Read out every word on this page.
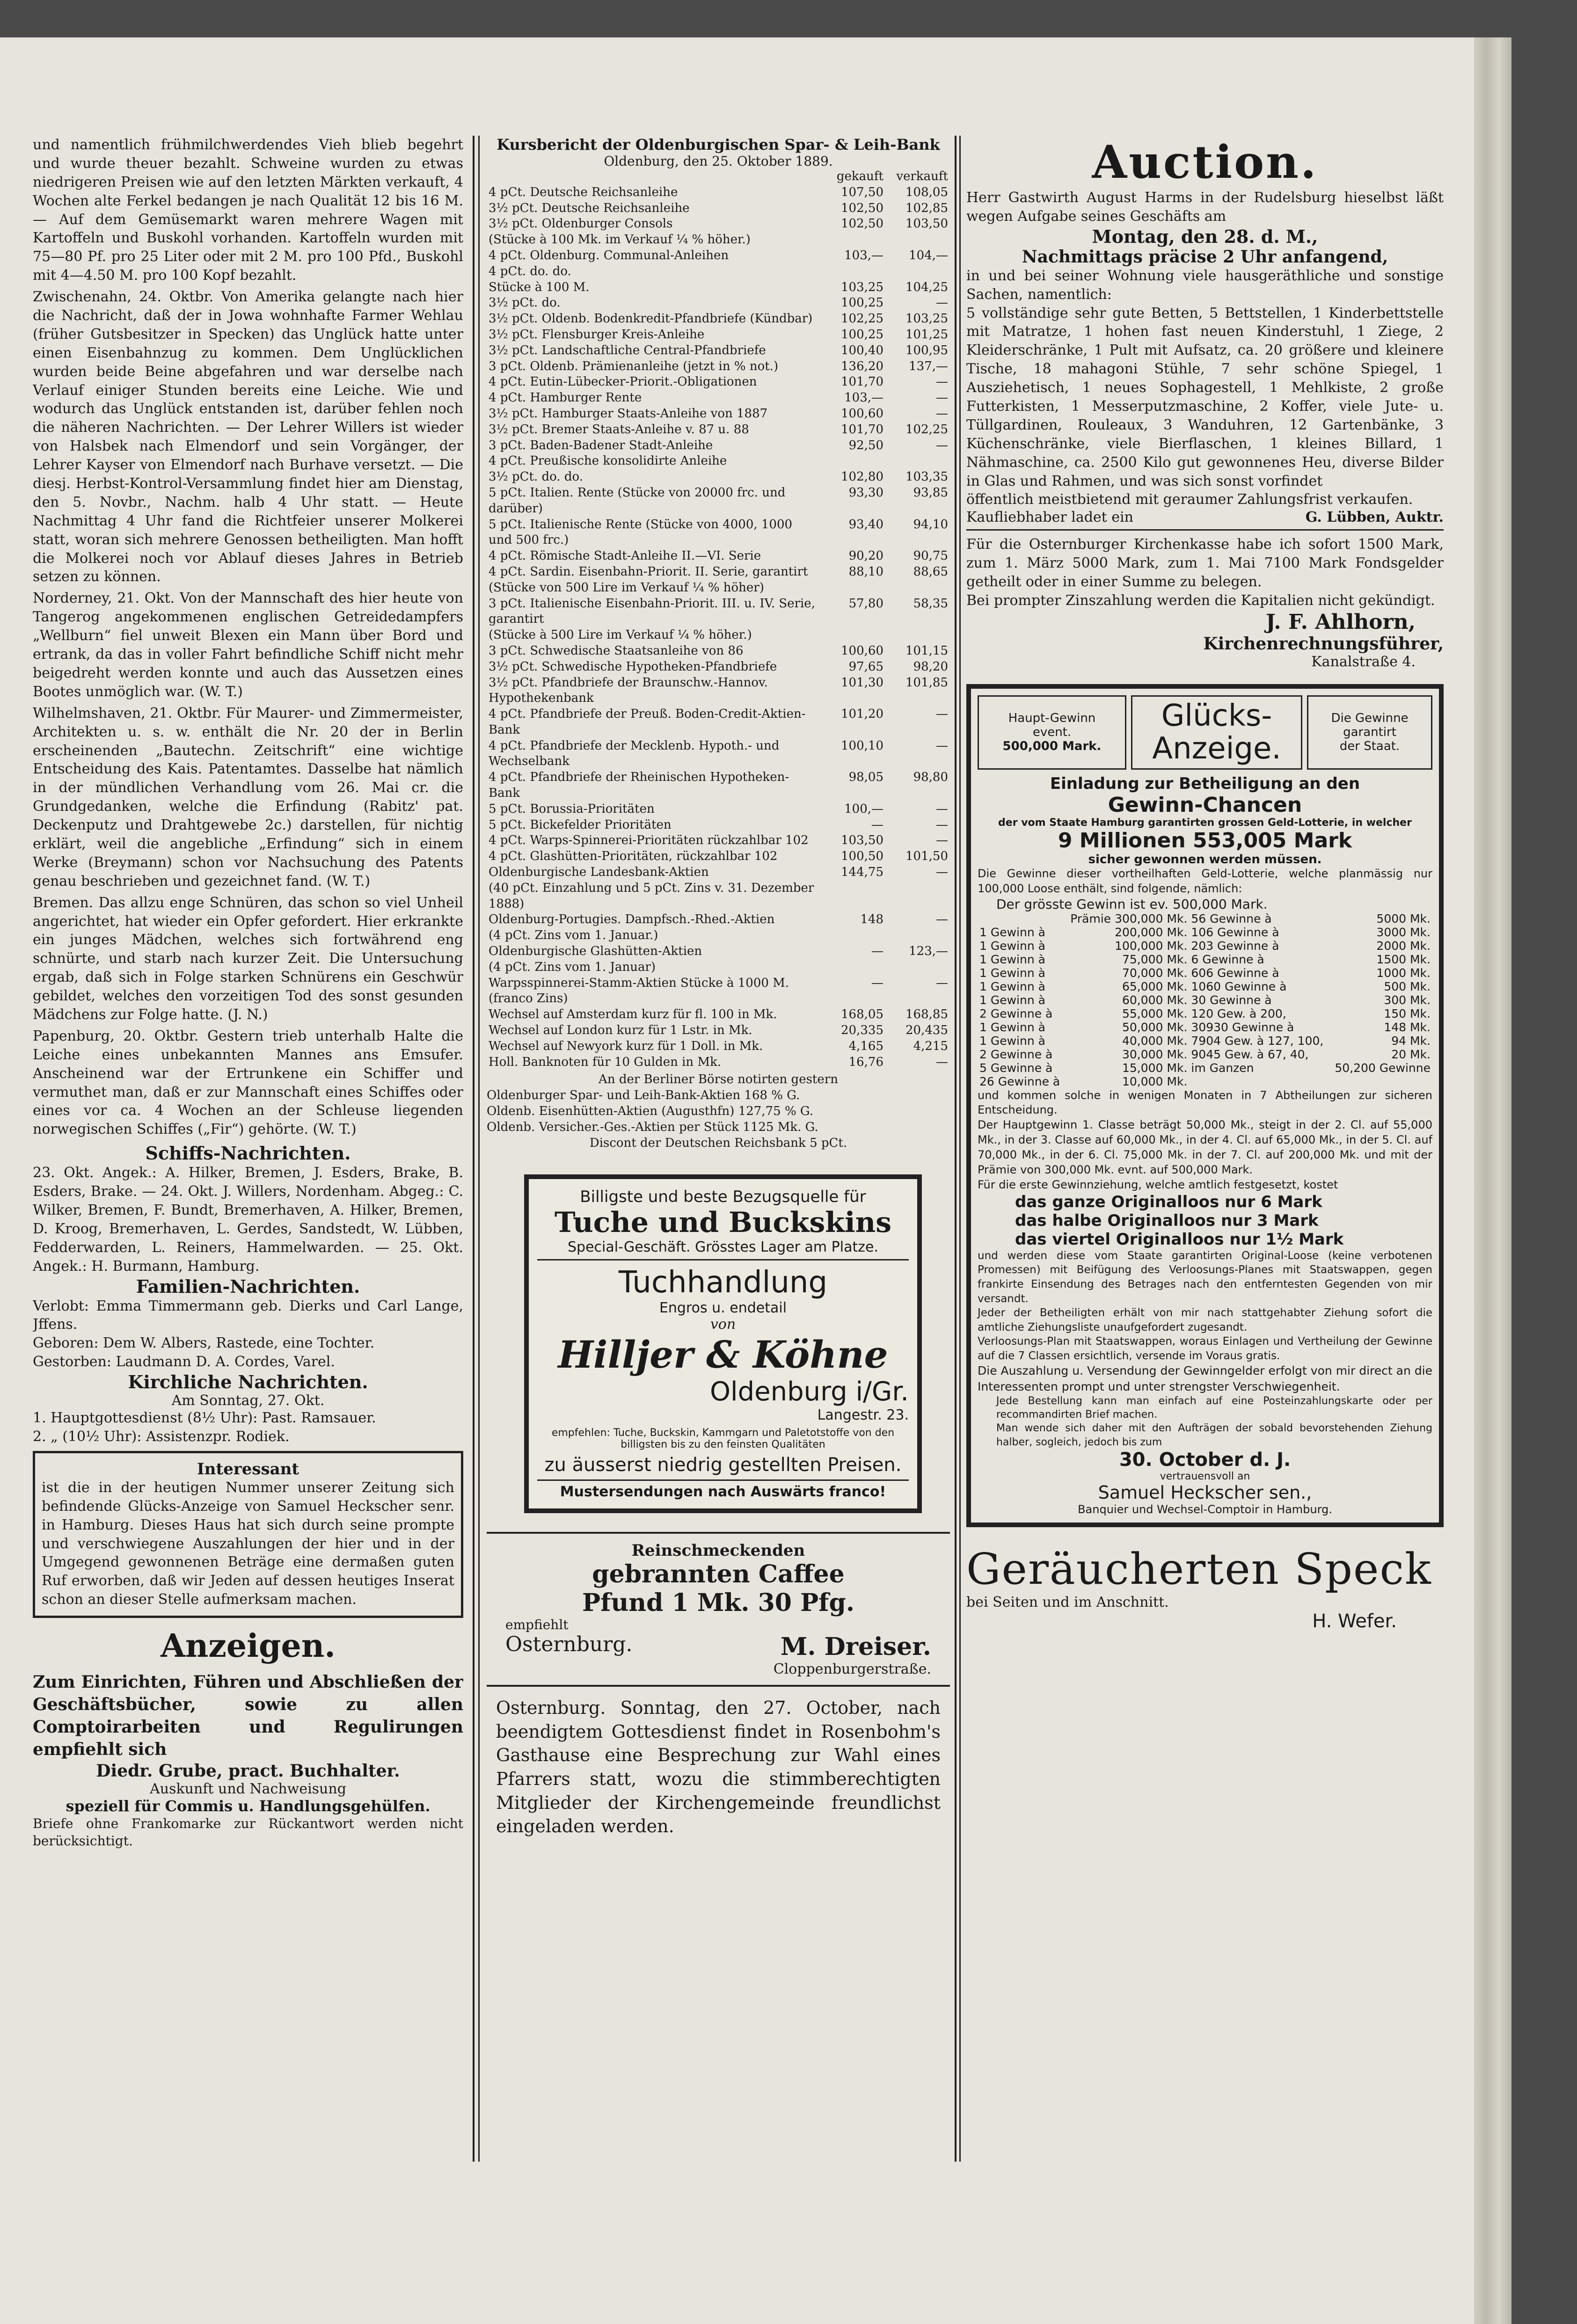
und namentlich frühmilchwerdendes Vieh blieb begehrt und wurde theuer bezahlt. Schweine wurden zu etwas niedrigeren Preisen wie auf den letzten Märkten verkauft, 4 Wochen alte Ferkel bedangen je nach Qualität 12 bis 16 M. — Auf dem Gemüsemarkt waren mehrere Wagen mit Kartoffeln und Buskohl vorhanden. Kartoffeln wurden mit 75—80 Pf. pro 25 Liter oder mit 2 M. pro 100 Pfd., Buskohl mit 4—4.50 M. pro 100 Kopf bezahlt.

Zwischenahn, 24. Oktbr. Von Amerika gelangte nach hier die Nachricht, daß der in Jowa wohnhafte Farmer Wehlau (früher Gutsbesitzer in Specken) das Unglück hatte unter einen Eisenbahnzug zu kommen. Dem Unglücklichen wurden beide Beine abgefahren und war derselbe nach Verlauf einiger Stunden bereits eine Leiche. Wie und wodurch das Unglück entstanden ist, darüber fehlen noch die näheren Nachrichten. — Der Lehrer Willers ist wieder von Halsbek nach Elmendorf und sein Vorgänger, der Lehrer Kayser von Elmendorf nach Burhave versetzt. — Die diesj. Herbst-Kontrol-Versammlung findet hier am Dienstag, den 5. Novbr., Nachm. halb 4 Uhr statt. — Heute Nachmittag 4 Uhr fand die Richtfeier unserer Molkerei statt, woran sich mehrere Genossen betheiligten. Man hofft die Molkerei noch vor Ablauf dieses Jahres in Betrieb setzen zu können.

Norderney, 21. Okt. Von der Mannschaft des hier heute von Tangerog angekommenen englischen Getreidedampfers „Wellburn“ fiel unweit Blexen ein Mann über Bord und ertrank, da das in voller Fahrt befindliche Schiff nicht mehr beigedreht werden konnte und auch das Aussetzen eines Bootes unmöglich war. (W. T.)

Wilhelmshaven, 21. Oktbr. Für Maurer- und Zimmermeister, Architekten u. s. w. enthält die Nr. 20 der in Berlin erscheinenden „Bautechn. Zeitschrift“ eine wichtige Entscheidung des Kais. Patentamtes. Dasselbe hat nämlich in der mündlichen Verhandlung vom 26. Mai cr. die Grundgedanken, welche die Erfindung (Rabitz' pat. Deckenputz und Drahtgewebe 2c.) darstellen, für nichtig erklärt, weil die angebliche „Erfindung“ sich in einem Werke (Breymann) schon vor Nachsuchung des Patents genau beschrieben und gezeichnet fand. (W. T.)

Bremen. Das allzu enge Schnüren, das schon so viel Unheil angerichtet, hat wieder ein Opfer gefordert. Hier erkrankte ein junges Mädchen, welches sich fortwährend eng schnürte, und starb nach kurzer Zeit. Die Untersuchung ergab, daß sich in Folge starken Schnürens ein Geschwür gebildet, welches den vorzeitigen Tod des sonst gesunden Mädchens zur Folge hatte. (J. N.)

Papenburg, 20. Oktbr. Gestern trieb unterhalb Halte die Leiche eines unbekannten Mannes ans Emsufer. Anscheinend war der Ertrunkene ein Schiffer und vermuthet man, daß er zur Mannschaft eines Schiffes oder eines vor ca. 4 Wochen an der Schleuse liegenden norwegischen Schiffes („Fir“) gehörte. (W. T.)

Schiffs-Nachrichten.

23. Okt. Angek.: A. Hilker, Bremen, J. Esders, Brake, B. Esders, Brake. — 24. Okt. J. Willers, Nordenham. Abgeg.: C. Wilker, Bremen, F. Bundt, Bremerhaven, A. Hilker, Bremen, D. Kroog, Bremerhaven, L. Gerdes, Sandstedt, W. Lübben, Fedderwarden, L. Reiners, Hammelwarden. — 25. Okt. Angek.: H. Burmann, Hamburg.

Familien-Nachrichten.

Verlobt: Emma Timmermann geb. Dierks und Carl Lange, Jffens.

Geboren: Dem W. Albers, Rastede, eine Tochter.

Gestorben: Laudmann D. A. Cordes, Varel.

Kirchliche Nachrichten.
Am Sonntag, 27. Okt.

1. Hauptgottesdienst (8½ Uhr): Past. Ramsauer.

2. „ (10½ Uhr): Assistenzpr. Rodiek.

Interessant

ist die in der heutigen Nummer unserer Zeitung sich befindende Glücks-Anzeige von Samuel Heckscher senr. in Hamburg. Dieses Haus hat sich durch seine prompte und verschwiegene Auszahlungen der hier und in der Umgegend gewonnenen Beträge eine dermaßen guten Ruf erworben, daß wir Jeden auf dessen heutiges Inserat schon an dieser Stelle aufmerksam machen.

Anzeigen.

Zum Einrichten, Führen und Abschließen der Geschäftsbücher, sowie zu allen Comptoirarbeiten und Regulirungen empfiehlt sich

Diedr. Grube, pract. Buchhalter.
Auskunft und Nachweisung
speziell für Commis u. Handlungsgehülfen.

Briefe ohne Frankomarke zur Rückantwort werden nicht berücksichtigt.

Kursbericht der Oldenburgischen Spar- & Leih-Bank
Oldenburg, den 25. Oktober 1889.
	gekauft	verkauft
4 pCt. Deutsche Reichsanleihe	107,50	108,05
3½ pCt. Deutsche Reichsanleihe	102,50	102,85
3½ pCt. Oldenburger Consols	102,50	103,50
(Stücke à 100 Mk. im Verkauf ¼ % höher.)		
4 pCt. Oldenburg. Communal-Anleihen	103,—	104,—
4 pCt. do. do.		
Stücke à 100 M.	103,25	104,25
3½ pCt. do.	100,25	—
3½ pCt. Oldenb. Bodenkredit-Pfandbriefe (Kündbar)	102,25	103,25
3½ pCt. Flensburger Kreis-Anleihe	100,25	101,25
3½ pCt. Landschaftliche Central-Pfandbriefe	100,40	100,95
3 pCt. Oldenb. Prämienanleihe (jetzt in % not.)	136,20	137,—
4 pCt. Eutin-Lübecker-Priorit.-Obligationen	101,70	—
4 pCt. Hamburger Rente	103,—	—
3½ pCt. Hamburger Staats-Anleihe von 1887	100,60	—
3½ pCt. Bremer Staats-Anleihe v. 87 u. 88	101,70	102,25
3 pCt. Baden-Badener Stadt-Anleihe	92,50	—
4 pCt. Preußische konsolidirte Anleihe		
3½ pCt. do. do.	102,80	103,35
5 pCt. Italien. Rente (Stücke von 20000 frc. und darüber)	93,30	93,85
5 pCt. Italienische Rente (Stücke von 4000, 1000 und 500 frc.)	93,40	94,10
4 pCt. Römische Stadt-Anleihe II.—VI. Serie	90,20	90,75
4 pCt. Sardin. Eisenbahn-Priorit. II. Serie, garantirt	88,10	88,65
(Stücke von 500 Lire im Verkauf ¼ % höher)		
3 pCt. Italienische Eisenbahn-Priorit. III. u. IV. Serie, garantirt	57,80	58,35
(Stücke à 500 Lire im Verkauf ¼ % höher.)		
3 pCt. Schwedische Staatsanleihe von 86	100,60	101,15
3½ pCt. Schwedische Hypotheken-Pfandbriefe	97,65	98,20
3½ pCt. Pfandbriefe der Braunschw.-Hannov. Hypothekenbank	101,30	101,85
4 pCt. Pfandbriefe der Preuß. Boden-Credit-Aktien-Bank	101,20	—
4 pCt. Pfandbriefe der Mecklenb. Hypoth.- und Wechselbank	100,10	—
4 pCt. Pfandbriefe der Rheinischen Hypotheken-Bank	98,05	98,80
5 pCt. Borussia-Prioritäten	100,—	—
5 pCt. Bickefelder Prioritäten	—	—
4 pCt. Warps-Spinnerei-Prioritäten rückzahlbar 102	103,50	—
4 pCt. Glashütten-Prioritäten, rückzahlbar 102	100,50	101,50
Oldenburgische Landesbank-Aktien	144,75	—
(40 pCt. Einzahlung und 5 pCt. Zins v. 31. Dezember 1888)		
Oldenburg-Portugies. Dampfsch.-Rhed.-Aktien	148	—
(4 pCt. Zins vom 1. Januar.)		
Oldenburgische Glashütten-Aktien	—	123,—
(4 pCt. Zins vom 1. Januar)		
Warpsspinnerei-Stamm-Aktien Stücke à 1000 M.	—	—
(franco Zins)		
Wechsel auf Amsterdam kurz für fl. 100 in Mk.	168,05	168,85
Wechsel auf London kurz für 1 Lstr. in Mk.	20,335	20,435
Wechsel auf Newyork kurz für 1 Doll. in Mk.	4,165	4,215
Holl. Banknoten für 10 Gulden in Mk.	16,76	—
An der Berliner Börse notirten gestern
Oldenburger Spar- und Leih-Bank-Aktien 168 % G.
Oldenb. Eisenhütten-Aktien (Augusthfn) 127,75 % G.
Oldenb. Versicher.-Ges.-Aktien per Stück 1125 Mk. G.
Discont der Deutschen Reichsbank 5 pCt.
Billigste und beste Bezugsquelle für
Tuche und Buckskins
Special-Geschäft. Grösstes Lager am Platze.
Tuchhandlung
Engros u. endetail
von
Hilljer & Köhne
Oldenburg i/Gr.
Langestr. 23.
empfehlen: Tuche, Buckskin, Kammgarn und Paletotstoffe von den billigsten bis zu den feinsten Qualitäten
zu äusserst niedrig gestellten Preisen.
Mustersendungen nach Auswärts franco!
Reinschmeckenden
gebrannten Caffee
Pfund 1 Mk. 30 Pfg.
empfiehlt
Osternburg.	M. Dreiser.
Cloppenburgerstraße.

Osternburg. Sonntag, den 27. October, nach beendigtem Gottesdienst findet in Rosenbohm's Gasthause eine Besprechung zur Wahl eines Pfarrers statt, wozu die stimmberechtigten Mitglieder der Kirchengemeinde freundlichst eingeladen werden.

Auction.

Herr Gastwirth August Harms in der Rudelsburg hieselbst läßt wegen Aufgabe seines Geschäfts am

Montag, den 28. d. M.,
Nachmittags präcise 2 Uhr anfangend,

in und bei seiner Wohnung viele hausgeräthliche und sonstige Sachen, namentlich:

5 vollständige sehr gute Betten, 5 Bettstellen, 1 Kinderbettstelle mit Matratze, 1 hohen fast neuen Kinderstuhl, 1 Ziege, 2 Kleiderschränke, 1 Pult mit Aufsatz, ca. 20 größere und kleinere Tische, 18 mahagoni Stühle, 7 sehr schöne Spiegel, 1 Ausziehetisch, 1 neues Sophagestell, 1 Mehlkiste, 2 große Futterkisten, 1 Messerputzmaschine, 2 Koffer, viele Jute- u. Tüllgardinen, Rouleaux, 3 Wanduhren, 12 Gartenbänke, 3 Küchenschränke, viele Bierflaschen, 1 kleines Billard, 1 Nähmaschine, ca. 2500 Kilo gut gewonnenes Heu, diverse Bilder in Glas und Rahmen, und was sich sonst vorfindet

öffentlich meistbietend mit geraumer Zahlungsfrist verkaufen.

Kaufliebhaber ladet ein	G. Lübben, Auktr.

Für die Osternburger Kirchenkasse habe ich sofort 1500 Mark, zum 1. März 5000 Mark, zum 1. Mai 7100 Mark Fondsgelder getheilt oder in einer Summe zu belegen.

Bei prompter Zinszahlung werden die Kapitalien nicht gekündigt.

J. F. Ahlhorn,
Kirchenrechnungsführer,
Kanalstraße 4.
Haupt-Gewinn
event.
500,000 Mark.
Glücks-Anzeige.
Die Gewinne
garantirt
der Staat.
Einladung zur Betheiligung an den
Gewinn-Chancen
der vom Staate Hamburg garantirten grossen Geld-Lotterie, in welcher
9 Millionen 553,005 Mark
sicher gewonnen werden müssen.

Die Gewinne dieser vortheilhaften Geld-Lotterie, welche planmässig nur 100,000 Loose enthält, sind folgende, nämlich:

Der grösste Gewinn ist ev. 500,000 Mark.
	Prämie 300,000 Mk.	56 Gewinne à	5000 Mk.
1 Gewinn à	200,000 Mk.	106 Gewinne à	3000 Mk.
1 Gewinn à	100,000 Mk.	203 Gewinne à	2000 Mk.
1 Gewinn à	75,000 Mk.	6 Gewinne à	1500 Mk.
1 Gewinn à	70,000 Mk.	606 Gewinne à	1000 Mk.
1 Gewinn à	65,000 Mk.	1060 Gewinne à	500 Mk.
1 Gewinn à	60,000 Mk.	30 Gewinne à	300 Mk.
2 Gewinne à	55,000 Mk.	120 Gew. à 200,	150 Mk.
1 Gewinn à	50,000 Mk.	30930 Gewinne à	148 Mk.
1 Gewinn à	40,000 Mk.	7904 Gew. à 127, 100,	94 Mk.
2 Gewinne à	30,000 Mk.	9045 Gew. à 67, 40,	20 Mk.
5 Gewinne à	15,000 Mk.	im Ganzen	50,200 Gewinne
26 Gewinne à	10,000 Mk.		

und kommen solche in wenigen Monaten in 7 Abtheilungen zur sicheren Entscheidung.

Der Hauptgewinn 1. Classe beträgt 50,000 Mk., steigt in der 2. Cl. auf 55,000 Mk., in der 3. Classe auf 60,000 Mk., in der 4. Cl. auf 65,000 Mk., in der 5. Cl. auf 70,000 Mk., in der 6. Cl. 75,000 Mk. in der 7. Cl. auf 200,000 Mk. und mit der Prämie von 300,000 Mk. evnt. auf 500,000 Mark.

Für die erste Gewinnziehung, welche amtlich festgesetzt, kostet

das ganze Originalloos nur 6 Mark
das halbe Originalloos nur 3 Mark
das viertel Originalloos nur 1½ Mark

und werden diese vom Staate garantirten Original-Loose (keine verbotenen Promessen) mit Beifügung des Verloosungs-Planes mit Staatswappen, gegen frankirte Einsendung des Betrages nach den entferntesten Gegenden von mir versandt.

Jeder der Betheiligten erhält von mir nach stattgehabter Ziehung sofort die amtliche Ziehungsliste unaufgefordert zugesandt.

Verloosungs-Plan mit Staatswappen, woraus Einlagen und Vertheilung der Gewinne auf die 7 Classen ersichtlich, versende im Voraus gratis.

Die Auszahlung u. Versendung der Gewinngelder erfolgt von mir direct an die Interessenten prompt und unter strengster Verschwiegenheit.

Jede Bestellung kann man einfach auf eine Posteinzahlungskarte oder per recommandirten Brief machen.

Man wende sich daher mit den Aufträgen der sobald bevorstehenden Ziehung halber, sogleich, jedoch bis zum

30. October d. J.
vertrauensvoll an
Samuel Heckscher sen.,
Banquier und Wechsel-Comptoir in Hamburg.
Geräucherten Speck
bei Seiten und im Anschnitt.
H. Wefer.
